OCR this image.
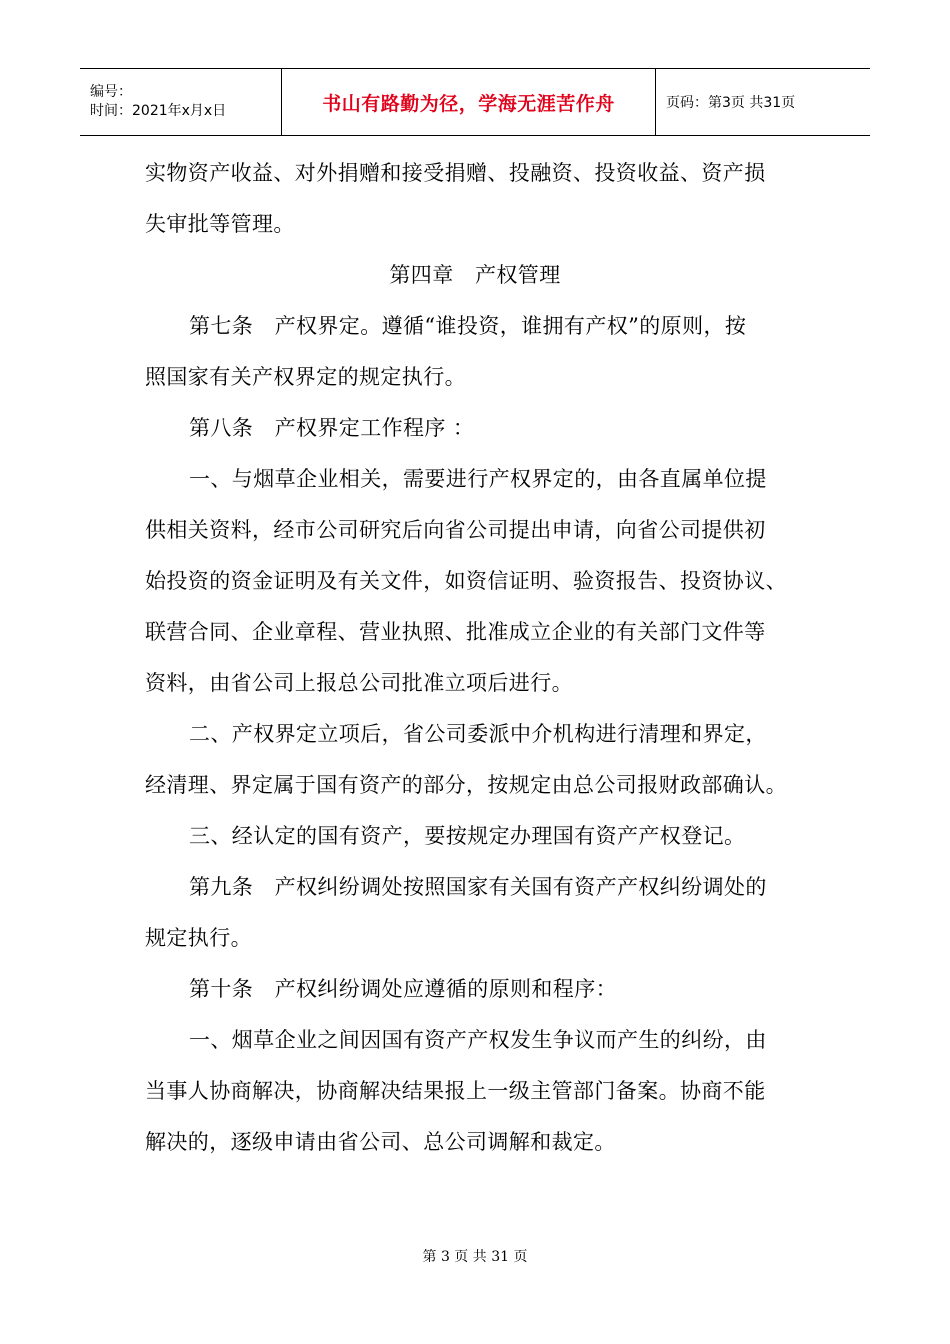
编号：
时间：2021年x月x日	书山有路勤为径，学海无涯苦作舟	页码：第3页 共31页
实物资产收益、对外捐赠和接受捐赠、投融资、投资收益、资产损
失审批等管理。
第四章　产权管理
第七条　产权界定。遵循“谁投资，谁拥有产权”的原则，按
照国家有关产权界定的规定执行。
第八条　产权界定工作程序 ：
一、与烟草企业相关，需要进行产权界定的，由各直属单位提
供相关资料，经市公司研究后向省公司提出申请，向省公司提供初
始投资的资金证明及有关文件，如资信证明、验资报告、投资协议、
联营合同、企业章程、营业执照、批准成立企业的有关部门文件等
资料，由省公司上报总公司批准立项后进行。
二、产权界定立项后，省公司委派中介机构进行清理和界定，
经清理、界定属于国有资产的部分，按规定由总公司报财政部确认。
三、经认定的国有资产，要按规定办理国有资产产权登记。
第九条　产权纠纷调处按照国家有关国有资产产权纠纷调处的
规定执行。
第十条　产权纠纷调处应遵循的原则和程序：
一、烟草企业之间因国有资产产权发生争议而产生的纠纷，由
当事人协商解决，协商解决结果报上一级主管部门备案。协商不能
解决的，逐级申请由省公司、总公司调解和裁定。
第 3 页 共 31 页
